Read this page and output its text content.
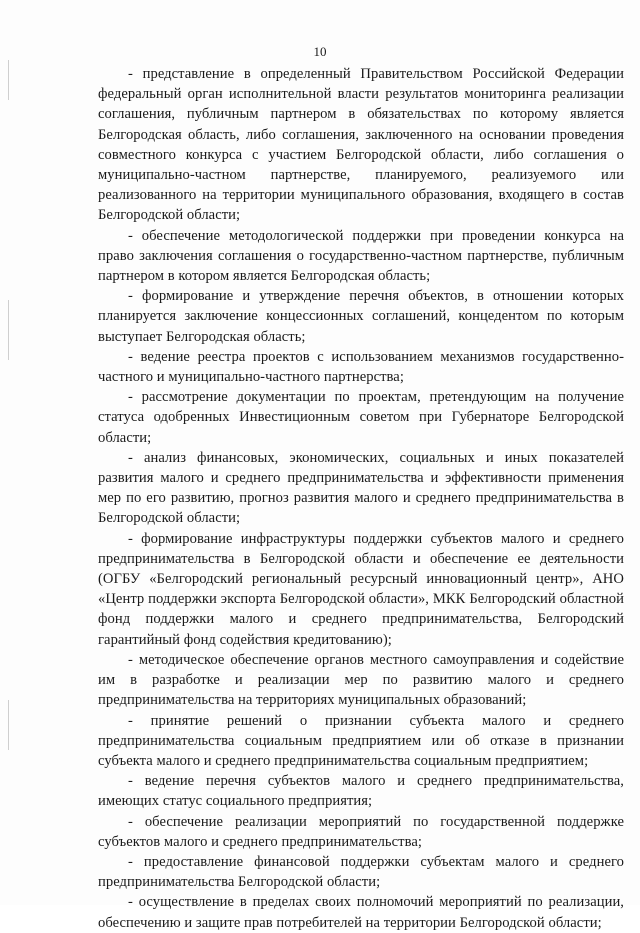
10

- представление в определенный Правительством Российской Федерации федеральный орган исполнительной власти результатов мониторинга реализации соглашения, публичным партнером в обязательствах по которому является Белгородская область, либо соглашения, заключенного на основании проведения совместного конкурса с участием Белгородской области, либо соглашения о муниципально-частном партнерстве, планируемого, реализуемого или реализованного на территории муниципального образования, входящего в состав Белгородской области;

- обеспечение методологической поддержки при проведении конкурса на право заключения соглашения о государственно-частном партнерстве, публичным партнером в котором является Белгородская область;

- формирование и утверждение перечня объектов, в отношении которых планируется заключение концессионных соглашений, концедентом по которым выступает Белгородская область;

- ведение реестра проектов с использованием механизмов государственно-частного и муниципально-частного партнерства;

- рассмотрение документации по проектам, претендующим на получение статуса одобренных Инвестиционным советом при Губернаторе Белгородской области;

- анализ финансовых, экономических, социальных и иных показателей развития малого и среднего предпринимательства и эффективности применения мер по его развитию, прогноз развития малого и среднего предпринимательства в Белгородской области;

- формирование инфраструктуры поддержки субъектов малого и среднего предпринимательства в Белгородской области и обеспечение ее деятельности (ОГБУ «Белгородский региональный ресурсный инновационный центр», АНО «Центр поддержки экспорта Белгородской области», МКК Белгородский областной фонд поддержки малого и среднего предпринимательства, Белгородский гарантийный фонд содействия кредитованию);

- методическое обеспечение органов местного самоуправления и содействие им в разработке и реализации мер по развитию малого и среднего предпринимательства на территориях муниципальных образований;

- принятие решений о признании субъекта малого и среднего предпринимательства социальным предприятием или об отказе в признании субъекта малого и среднего предпринимательства социальным предприятием;

- ведение перечня субъектов малого и среднего предпринимательства, имеющих статус социального предприятия;

- обеспечение реализации мероприятий по государственной поддержке субъектов малого и среднего предпринимательства;

- предоставление финансовой поддержки субъектам малого и среднего предпринимательства Белгородской области;

- осуществление в пределах своих полномочий мероприятий по реализации, обеспечению и защите прав потребителей на территории Белгородской области;
